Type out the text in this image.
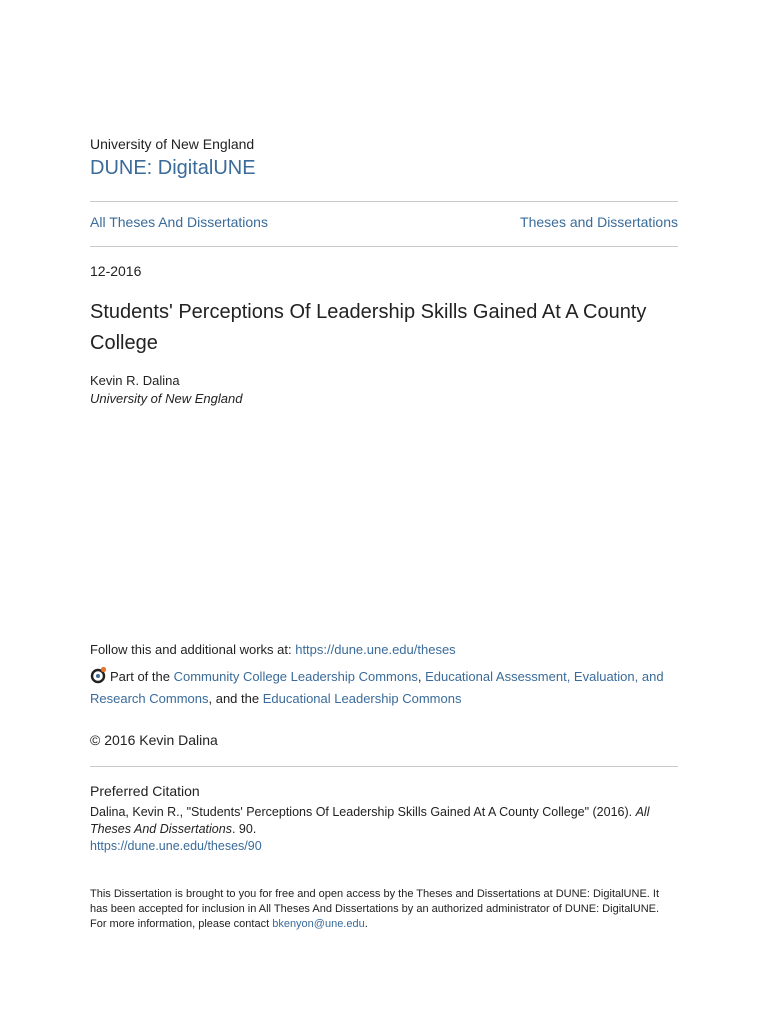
University of New England
DUNE: DigitalUNE
All Theses And Dissertations	Theses and Dissertations
12-2016
Students' Perceptions Of Leadership Skills Gained At A County College
Kevin R. Dalina
University of New England
Follow this and additional works at: https://dune.une.edu/theses
Part of the Community College Leadership Commons, Educational Assessment, Evaluation, and Research Commons, and the Educational Leadership Commons
© 2016 Kevin Dalina
Preferred Citation
Dalina, Kevin R., "Students' Perceptions Of Leadership Skills Gained At A County College" (2016). All Theses And Dissertations. 90.
https://dune.une.edu/theses/90
This Dissertation is brought to you for free and open access by the Theses and Dissertations at DUNE: DigitalUNE. It has been accepted for inclusion in All Theses And Dissertations by an authorized administrator of DUNE: DigitalUNE. For more information, please contact bkenyon@une.edu.
